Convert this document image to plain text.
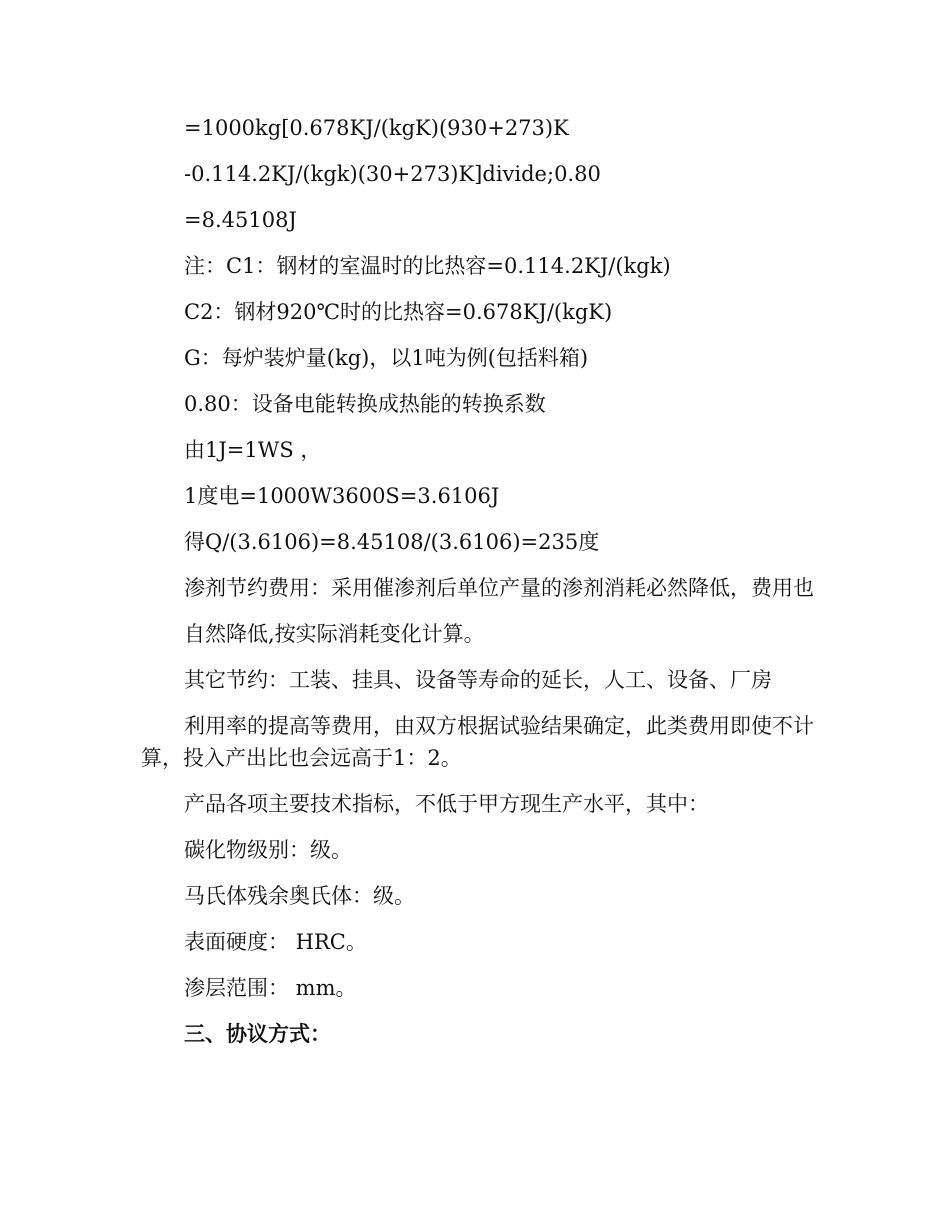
=1000kg[0.678KJ/(kgK)(930+273)K

-0.114.2KJ/(kgk)(30+273)K]divide;0.80

=8.45108J

注：C1：钢材的室温时的比热容=0.114.2KJ/(kgk)

C2：钢材920℃时的比热容=0.678KJ/(kgK)

G：每炉装炉量(kg)，以1吨为例(包括料箱)

0.80：设备电能转换成热能的转换系数

由1J=1WS ，

1度电=1000W3600S=3.6106J

得Q/(3.6106)=8.45108/(3.6106)=235度

渗剂节约费用：采用催渗剂后单位产量的渗剂消耗必然降低，费用也

自然降低,按实际消耗变化计算。

其它节约：工装、挂具、设备等寿命的延长，人工、设备、厂房

利用率的提高等费用，由双方根据试验结果确定，此类费用即使不计算，投入产出比也会远高于1：2。

产品各项主要技术指标，不低于甲方现生产水平，其中：

碳化物级别：级。

马氏体残余奥氏体：级。

表面硬度： HRC。

渗层范围： mm。

三、协议方式：
